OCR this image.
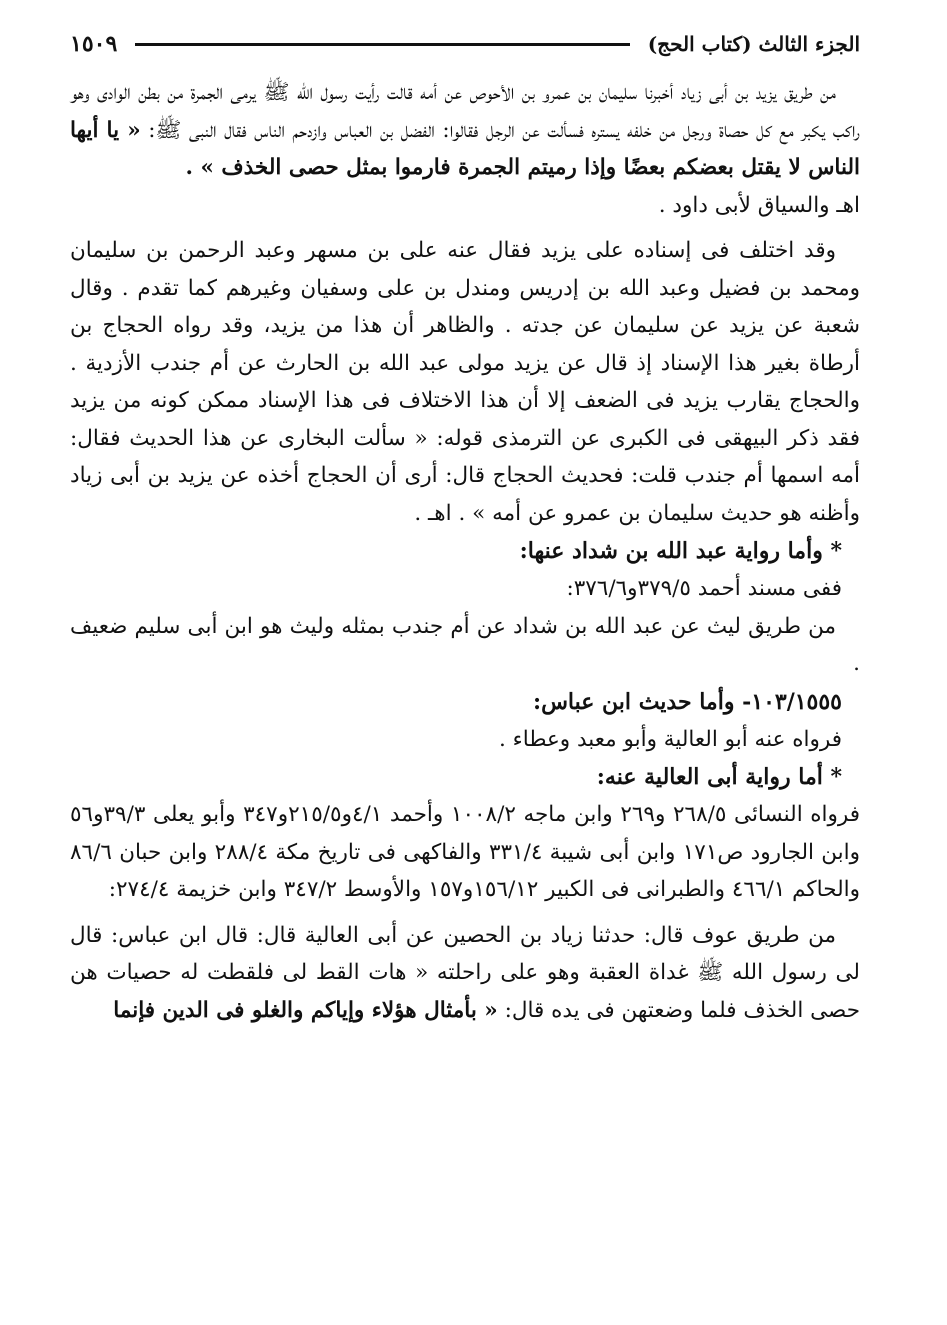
الجزء الثالث (كتاب الحج)
١٥٠٩

من طريق يزيد بن أبى زياد أخبرنا سليمان بن عمرو بن الأحوص عن أمه قالت رأيت رسول الله ﷺ يرمى الجمرة من بطن الوادى وهو راكب يكبر مع كل حصاة ورجل من خلفه يستره فسألت عن الرجل فقالوا: الفضل بن العباس وازدحم الناس فقال النبى ﷺ: « يا أيها الناس لا يقتل بعضكم بعضًا وإذا رميتم الجمرة فارموا بمثل حصى الخذف » .

اهـ والسياق لأبى داود .

وقد اختلف فى إسناده على يزيد فقال عنه على بن مسهر وعبد الرحمن بن سليمان ومحمد بن فضيل وعبد الله بن إدريس ومندل بن على وسفيان وغيرهم كما تقدم . وقال شعبة عن يزيد عن سليمان عن جدته . والظاهر أن هذا من يزيد، وقد رواه الحجاج بن أرطاة بغير هذا الإسناد إذ قال عن يزيد مولى عبد الله بن الحارث عن أم جندب الأزدية . والحجاج يقارب يزيد فى الضعف إلا أن هذا الاختلاف فى هذا الإسناد ممكن كونه من يزيد فقد ذكر البيهقى فى الكبرى عن الترمذى قوله: « سألت البخارى عن هذا الحديث فقال: أمه اسمها أم جندب قلت: فحديث الحجاج قال: أرى أن الحجاج أخذه عن يزيد بن أبى زياد وأظنه هو حديث سليمان بن عمرو عن أمه » . اهـ .

* وأما رواية عبد الله بن شداد عنها:

ففى مسند أحمد ٣٧٩/٥و٣٧٦/٦:

من طريق ليث عن عبد الله بن شداد عن أم جندب بمثله وليث هو ابن أبى سليم ضعيف .

١٠٣/١٥٥٥- وأما حديث ابن عباس:

فرواه عنه أبو العالية وأبو معبد وعطاء .

* أما رواية أبى العالية عنه:

فرواه النسائى ٢٦٨/٥ و٢٦٩ وابن ماجه ١٠٠٨/٢ وأحمد ٤/١و٢١٥/٥و٣٤٧ وأبو يعلى ٣٩/٣و٥٦ وابن الجارود ص١٧١ وابن أبى شيبة ٣٣١/٤ والفاكهى فى تاريخ مكة ٢٨٨/٤ وابن حبان ٨٦/٦ والحاكم ٤٦٦/١ والطبرانى فى الكبير ١٥٦/١٢و١٥٧ والأوسط ٣٤٧/٢ وابن خزيمة ٢٧٤/٤:

من طريق عوف قال: حدثنا زياد بن الحصين عن أبى العالية قال: قال ابن عباس: قال لى رسول الله ﷺ غداة العقبة وهو على راحلته « هات القط لى فلقطت له حصيات هن حصى الخذف فلما وضعتهن فى يده قال: « بأمثال هؤلاء وإياكم والغلو فى الدين فإنما
